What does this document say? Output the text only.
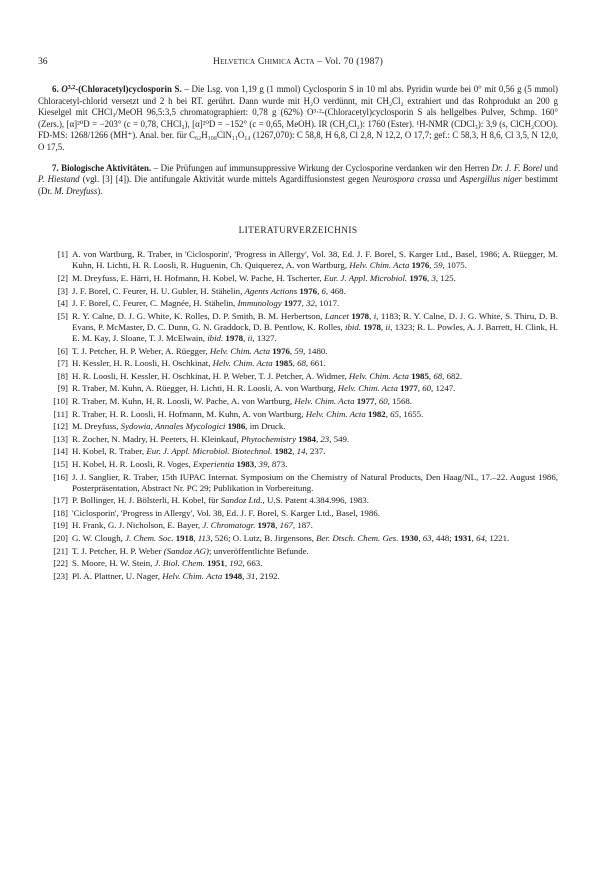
36	Helvetica Chimica Acta – Vol. 70 (1987)

6. O$^{3,2}$-(Chloracetyl)cyclosporin S. – Die Lsg. von 1,19 g (1 mmol) Cyclosporin S in 10 ml abs. Pyridin wurde bei 0° mit 0,56 g (5 mmol) Chloracetyl-chlorid versetzt und 2 h bei RT. gerührt. Dann wurde mit H₂O verdünnt, mit CH₂Cl₂ extrahiert und das Rohprodukt an 200 g Kieselgel mit CHCl₃/MeOH 96,5:3,5 chromatographiert: 0,78 g (62%) O³·²-(Chloracetyl)cyclosporin S als hellgelbes Pulver, Schmp. 160° (Zers.), [α]²⁰D = −203° (c = 0,78, CHCl₃), [α]²⁰D = −152° (c = 0,65, MeOH). IR (CH₂Cl₂): 1760 (Ester). ¹H-NMR (CDCl₃): 3,9 (s, ClCH₂COO). FD-MS: 1268/1266 (MH⁺). Anal. ber. für C₆₂H₁₀₈ClN₁₁O₁₄ (1267,070): C 58,8, H 6,8, Cl 2,8, N 12,2, O 17,7; gef.: C 58,3, H 8,6, Cl 3,5, N 12,0, O 17,5.

7. Biologische Aktivitäten. – Die Prüfungen auf immunsuppressive Wirkung der Cyclosporine verdanken wir den Herren Dr. J. F. Borel und P. Hiestand (vgl. [3] [4]). Die antifungale Aktivität wurde mittels Agardiffusionstest gegen Neurospora crassa und Aspergillus niger bestimmt (Dr. M. Dreyfuss).

LITERATURVERZEICHNIS
[1] A. von Wartburg, R. Traber, in 'Ciclosporin', 'Progress in Allergy', Vol. 38, Ed. J. F. Borel, S. Karger Ltd., Basel, 1986; A. Rüegger, M. Kuhn, H. Lichti, H. R. Loosli, R. Huguenin, Ch. Quiquerez, A. von Wartburg, Helv. Chim. Acta 1976, 59, 1075.
[2] M. Dreyfuss, E. Härri, H. Hofmann, H. Kobel, W. Pache, H. Tscherter, Eur. J. Appl. Microbiol. 1976, 3, 125.
[3] J. F. Borel, C. Feurer, H. U. Gubler, H. Stähelin, Agents Actions 1976, 6, 468.
[4] J. F. Borel, C. Feurer, C. Magnée, H. Stähelin, Immunology 1977, 32, 1017.
[5] R. Y. Calne, D. J. G. White, K. Rolles, D. P. Smith, B. M. Herbertson, Lancet 1978, i, 1183; R. Y. Calne, D. J. G. White, S. Thiru, D. B. Evans, P. McMaster, D. C. Dunn, G. N. Graddock, D. B. Pentlow, K. Rolles, ibid. 1978, ii, 1323; R. L. Powles, A. J. Barrett, H. Clink, H. E. M. Kay, J. Sloane, T. J. McElwain, ibid. 1978, ii, 1327.
[6] T. J. Petcher, H. P. Weber, A. Rüegger, Helv. Chim. Acta 1976, 59, 1480.
[7] H. Kessler, H. R. Loosli, H. Oschkinat, Helv. Chim. Acta 1985, 68, 661.
[8] H. R. Loosli, H. Kessler, H. Oschkinat, H. P. Weber, T. J. Petcher, A. Widmer, Helv. Chim. Acta 1985, 68, 682.
[9] R. Traber, M. Kuhn, A. Rüegger, H. Lichti, H. R. Loosli, A. von Wartburg, Helv. Chim. Acta 1977, 60, 1247.
[10] R. Traber, M. Kuhn, H. R. Loosli, W. Pache, A. von Wartburg, Helv. Chim. Acta 1977, 60, 1568.
[11] R. Traber, H. R. Loosli, H. Hofmann, M. Kuhn, A. von Wartburg, Helv. Chim. Acta 1982, 65, 1655.
[12] M. Dreyfuss, Sydowia, Annales Mycologici 1986, im Druck.
[13] R. Zocher, N. Madry, H. Peeters, H. Kleinkauf, Phytochemistry 1984, 23, 549.
[14] H. Kobel, R. Traber, Eur. J. Appl. Microbiol. Biotechnol. 1982, 14, 237.
[15] H. Kobel, H. R. Loosli, R. Voges, Experientia 1983, 39, 873.
[16] J. J. Sanglier, R. Traber, 15th IUPAC Internat. Symposium on the Chemistry of Natural Products, Den Haag/NL, 17.–22. August 1986, Posterpräsentation, Abstract Nr. PC 29; Publikation in Vorbereitung.
[17] P. Bollinger, H. J. Bölsterli, H. Kobel, für Sandoz Ltd., U.S. Patent 4.384.996, 1983.
[18] 'Ciclosporin', 'Progress in Allergy', Vol. 38, Ed. J. F. Borel, S. Karger Ltd., Basel, 1986.
[19] H. Frank, G. J. Nicholson, E. Bayer, J. Chromatogr. 1978, 167, 187.
[20] G. W. Clough, J. Chem. Soc. 1918, 113, 526; O. Lutz, B. Jirgensons, Ber. Dtsch. Chem. Ges. 1930, 63, 448; 1931, 64, 1221.
[21] T. J. Petcher, H. P. Weber (Sandoz AG); unveröffentlichte Befunde.
[22] S. Moore, H. W. Stein, J. Biol. Chem. 1951, 192, 663.
[23] Pl. A. Plattner, U. Nager, Helv. Chim. Acta 1948, 31, 2192.
